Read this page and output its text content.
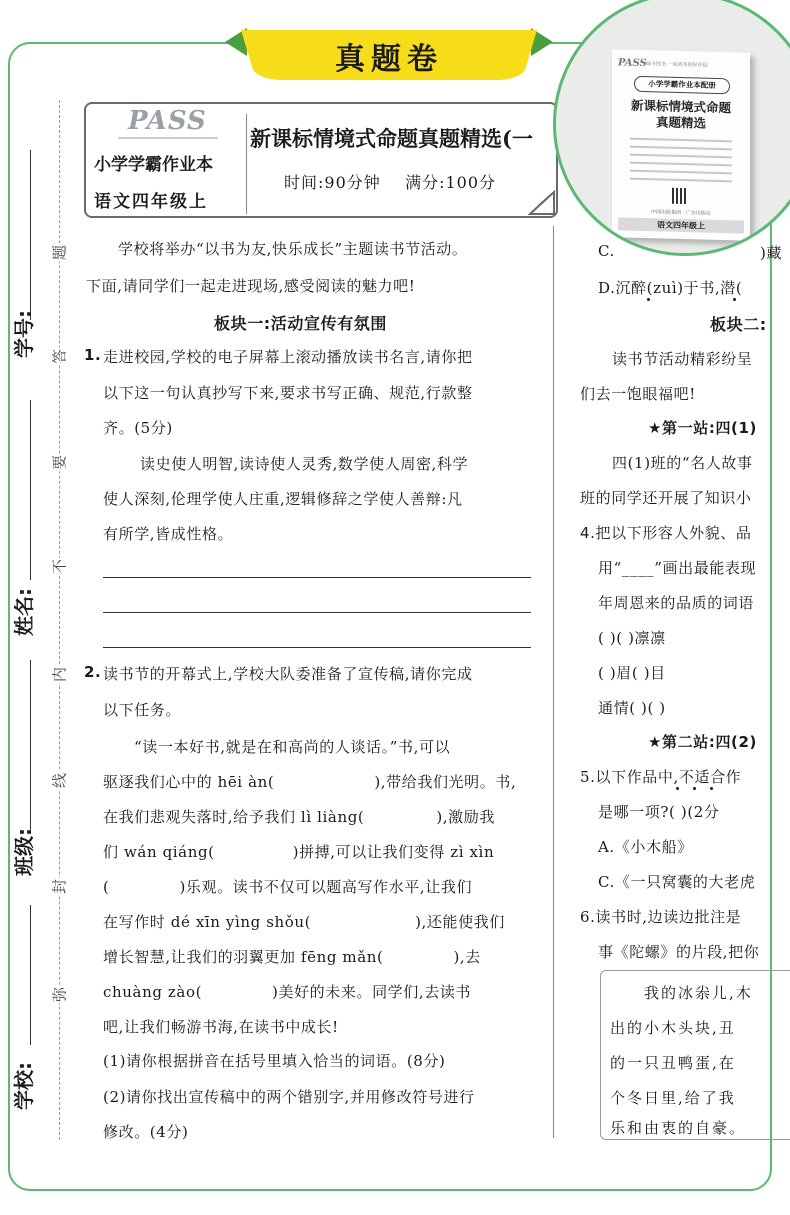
真题卷
学号:
姓名:
班级:
学校:
题
答
要
不
内
线
封
弥
PASS
小学学霸作业本
语文四年级上
新课标情境式命题真题精选(一
时间:90分钟 满分:100分
学校将举办“以书为友,快乐成长”主题读书节活动。
下面,请同学们一起走进现场,感受阅读的魅力吧!
板块一:活动宣传有氛围
1. 走进校园,学校的电子屏幕上滚动播放读书名言,请你把
以下这一句认真抄写下来,要求书写正确、规范,行款整
齐。(5分)
读史使人明智,读诗使人灵秀,数学使人周密,科学
使人深刻,伦理学使人庄重,逻辑修辞之学使人善辩:凡
有所学,皆成性格。
2. 读书节的开幕式上,学校大队委准备了宣传稿,请你完成
以下任务。
“读一本好书,就是在和高尚的人谈话。”书,可以
驱逐我们心中的 hēi àn(	),带给我们光明。书,
在我们悲观失落时,给予我们 lì liàng(	),激励我
们 wán qiáng(	)拼搏,可以让我们变得 zì xìn
(	)乐观。读书不仅可以题高写作水平,让我们
在写作时 dé xīn yìng shǒu(	),还能使我们
增长智慧,让我们的羽翼更加 fēng mǎn(	),去
chuàng zào(	)美好的未来。同学们,去读书
吧,让我们畅游书海,在读书中成长!
(1)请你根据拼音在括号里填入恰当的词语。(8分)
(2)请你找出宣传稿中的两个错别字,并用修改符号进行
修改。(4分)
C.	)藏
D.沉醉(zuì)于书,潜(
板块二:
读书节活动精彩纷呈
们去一饱眼福吧!
★第一站:四(1)
四(1)班的“名人故事
班的同学还开展了知识小
4.把以下形容人外貌、品
用“____”画出最能表现
年周恩来的品质的词语
( )( )凛凛
( )眉( )目
通情( )( )
★第二站:四(2)
5.以下作品中,不适合作
是哪一项?( )(2分
A.《小木船》
C.《一只窝囊的大老虎
6.读书时,边读边批注是
事《陀螺》的片段,把你
我的冰尜儿,木
出的小木头块,丑
的一只丑鸭蛋,在
个冬日里,给了我
乐和由衷的自豪。
PASS 绿卡图书·一流效率的好伴侣
小学学霸作业本配册
新课标情境式命题
真题精选
中国出版集团 · 广东出版社
语文四年级上
